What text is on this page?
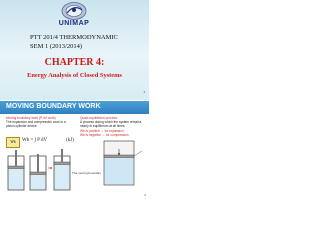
UNIMAP
PTT 201/4 THERMODYNAMIC
SEM 1 (2013/2014)
CHAPTER 4:
Energy Analysis of Closed Systems
1
MOVING BOUNDARY WORK
Moving boundary work (P dV work):
The expansion and compression work in a piston-cylinder device.
Quasi-equilibrium process:
A process during which the system remains nearly in equilibrium at all times.
Wb is positive → for expansion
Wb is negative → for compression
Wb	Wb = ∫ P dV	(kJ)
The moving boundary
2
